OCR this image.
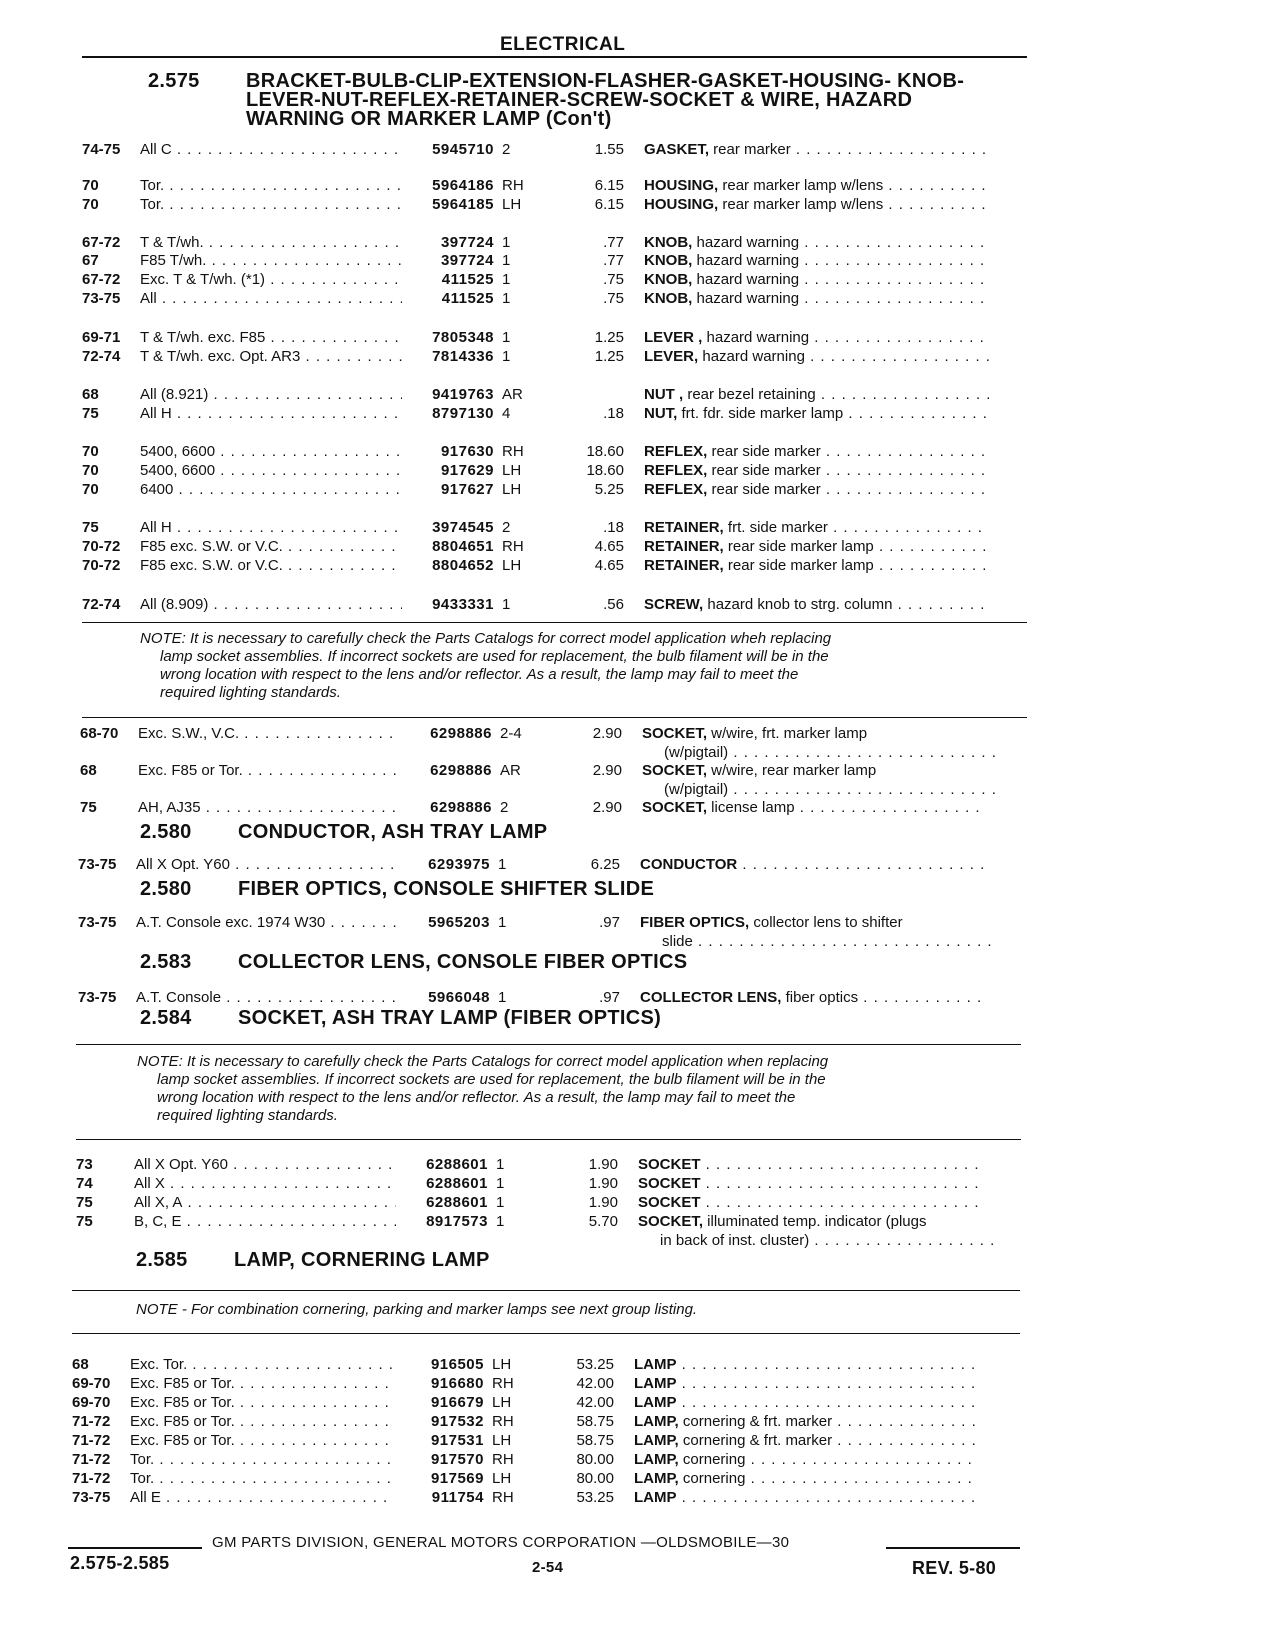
ELECTRICAL
2.575 BRACKET-BULB-CLIP-EXTENSION-FLASHER-GASKET-HOUSING- KNOB-
LEVER-NUT-REFLEX-RETAINER-SCREW-SOCKET & WIRE, HAZARD
WARNING OR MARKER LAMP (Con't)
74-75 All C . . .	5945710 2	1.55 GASKET, rear marker . . .
70	Tor. . . .	5964186 RH	6.15 HOUSING, rear marker lamp w/lens . . .
70	Tor. . . .	5964185 LH	6.15 HOUSING, rear marker lamp w/lens . . .
67-72 T & T/wh. . . .	397724 1	.77 KNOB, hazard warning . . .
67	F85 T/wh. . . .	397724 1	.77 KNOB, hazard warning . . .
67-72 Exc. T & T/wh. (*1) . . .	411525 1	.75 KNOB, hazard warning . . .
73-75 All . . .	411525 1	.75 KNOB, hazard warning . . .
69-71 T & T/wh. exc. F85 . . .	7805348 1	1.25 LEVER , hazard warning . . .
72-74 T & T/wh. exc. Opt. AR3 . . .	7814336 1	1.25 LEVER, hazard warning . . .
68	All (8.921) . . .	9419763 AR	NUT , rear bezel retaining . . .
75	All H . . .	8797130 4	.18 NUT, frt. fdr. side marker lamp . . .
70	5400, 6600 . . .	917630 RH	18.60 REFLEX, rear side marker . . .
70	5400, 6600 . . .	917629 LH	18.60 REFLEX, rear side marker . . .
70	6400 . . .	917627 LH	5.25 REFLEX, rear side marker . . .
75	All H . . .	3974545 2	.18 RETAINER, frt. side marker . . .
70-72 F85 exc. S.W. or V.C. . . .	8804651 RH	4.65 RETAINER, rear side marker lamp . . .
70-72 F85 exc. S.W. or V.C. . . .	8804652 LH	4.65 RETAINER, rear side marker lamp . . .
72-74 All (8.909) . . .	9433331 1	.56 SCREW, hazard knob to strg. column . . .
NOTE: It is necessary to carefully check the Parts Catalogs for correct model application wheh replacing
lamp socket assemblies. If incorrect sockets are used for replacement, the bulb filament will be in the
wrong location with respect to the lens and/or reflector. As a result, the lamp may fail to meet the
required lighting standards.
68-70 Exc. S.W., V.C. . . .	6298886 2-4	2.90 SOCKET, w/wire, frt. marker lamp
(w/pigtail) . . .
68	Exc. F85 or Tor. . . .	6298886 AR	2.90 SOCKET, w/wire, rear marker lamp
(w/pigtail) . . .
75	AH, AJ35 . . .	6298886 2	2.90 SOCKET, license lamp . . .
2.580 CONDUCTOR, ASH TRAY LAMP
73-75 All X Opt. Y60 . . .	6293975 1	6.25 CONDUCTOR . . .
2.580 FIBER OPTICS, CONSOLE SHIFTER SLIDE
73-75 A.T. Console exc. 1974 W30 . . .	5965203 1	.97 FIBER OPTICS, collector lens to shifter
slide . . .
2.583 COLLECTOR LENS, CONSOLE FIBER OPTICS
73-75 A.T. Console . . .	5966048 1	.97 COLLECTOR LENS, fiber optics . . .
2.584 SOCKET, ASH TRAY LAMP (FIBER OPTICS)
NOTE: It is necessary to carefully check the Parts Catalogs for correct model application when replacing
lamp socket assemblies. If incorrect sockets are used for replacement, the bulb filament will be in the
wrong location with respect to the lens and/or reflector. As a result, the lamp may fail to meet the
required lighting standards.
73	All X Opt. Y60 . . .	6288601 1	1.90 SOCKET . . .
74	All X . . .	6288601 1	1.90 SOCKET . . .
75	All X, A . . .	6288601 1	1.90 SOCKET . . .
75	B, C, E . . .	8917573 1	5.70 SOCKET, illuminated temp. indicator (plugs
in back of inst. cluster) . . .
2.585 LAMP, CORNERING LAMP
NOTE - For combination cornering, parking and marker lamps see next group listing.
68	Exc. Tor. . . .	916505 LH	53.25 LAMP . . .
69-70 Exc. F85 or Tor. . . .	916680 RH	42.00 LAMP . . .
69-70 Exc. F85 or Tor. . . .	916679 LH	42.00 LAMP . . .
71-72 Exc. F85 or Tor. . . .	917532 RH	58.75 LAMP, cornering & frt. marker . . .
71-72 Exc. F85 or Tor. . . .	917531 LH	58.75 LAMP, cornering & frt. marker . . .
71-72 Tor. . . .	917570 RH	80.00 LAMP, cornering . . .
71-72 Tor. . . .	917569 LH	80.00 LAMP, cornering . . .
73-75 All E . . .	911754 RH	53.25 LAMP . . .
GM PARTS DIVISION, GENERAL MOTORS CORPORATION —OLDSMOBILE—30
2.575-2.585	2-54	REV. 5-80
